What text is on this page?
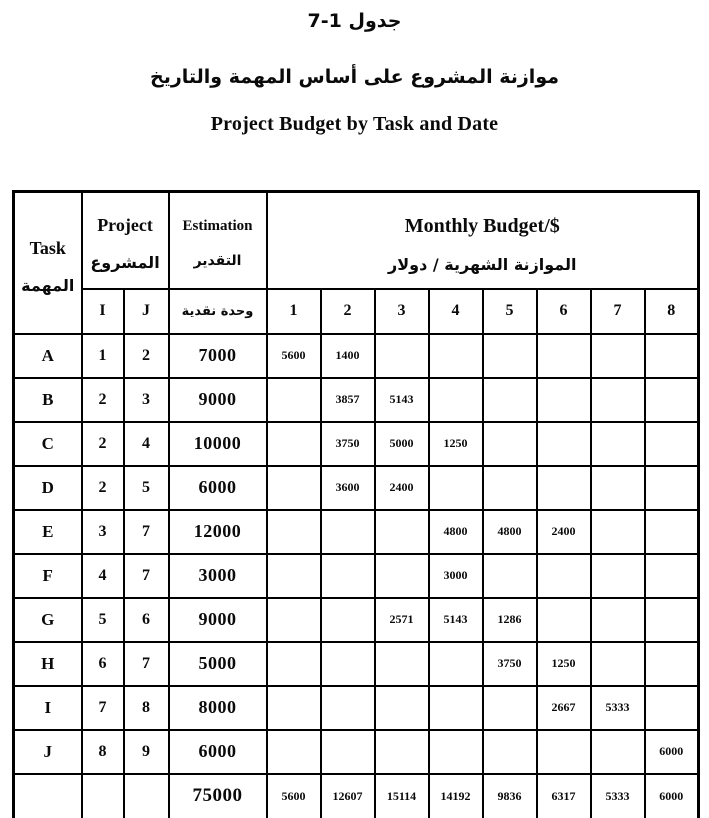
جدول 1-7
موازنة المشروع على أساس المهمة والتاريخ
Project Budget by Task and Date
Task
المهمة

Project
المشروع

Estimation
التقدير

Monthly Budget/$
الموازنة الشهرية / دولار

	I	J	وحدة نقدية	1	2	3	4	5	6	7	8
A	1	2	7000	5600	1400						
B	2	3	9000		3857	5143					
C	2	4	10000		3750	5000	1250				
D	2	5	6000		3600	2400					
E	3	7	12000				4800	4800	2400		
F	4	7	3000				3000				
G	5	6	9000			2571	5143	1286			
H	6	7	5000					3750	1250		
I	7	8	8000						2667	5333	
J	8	9	6000								6000
			75000	5600	12607	15114	14192	9836	6317	5333	6000
